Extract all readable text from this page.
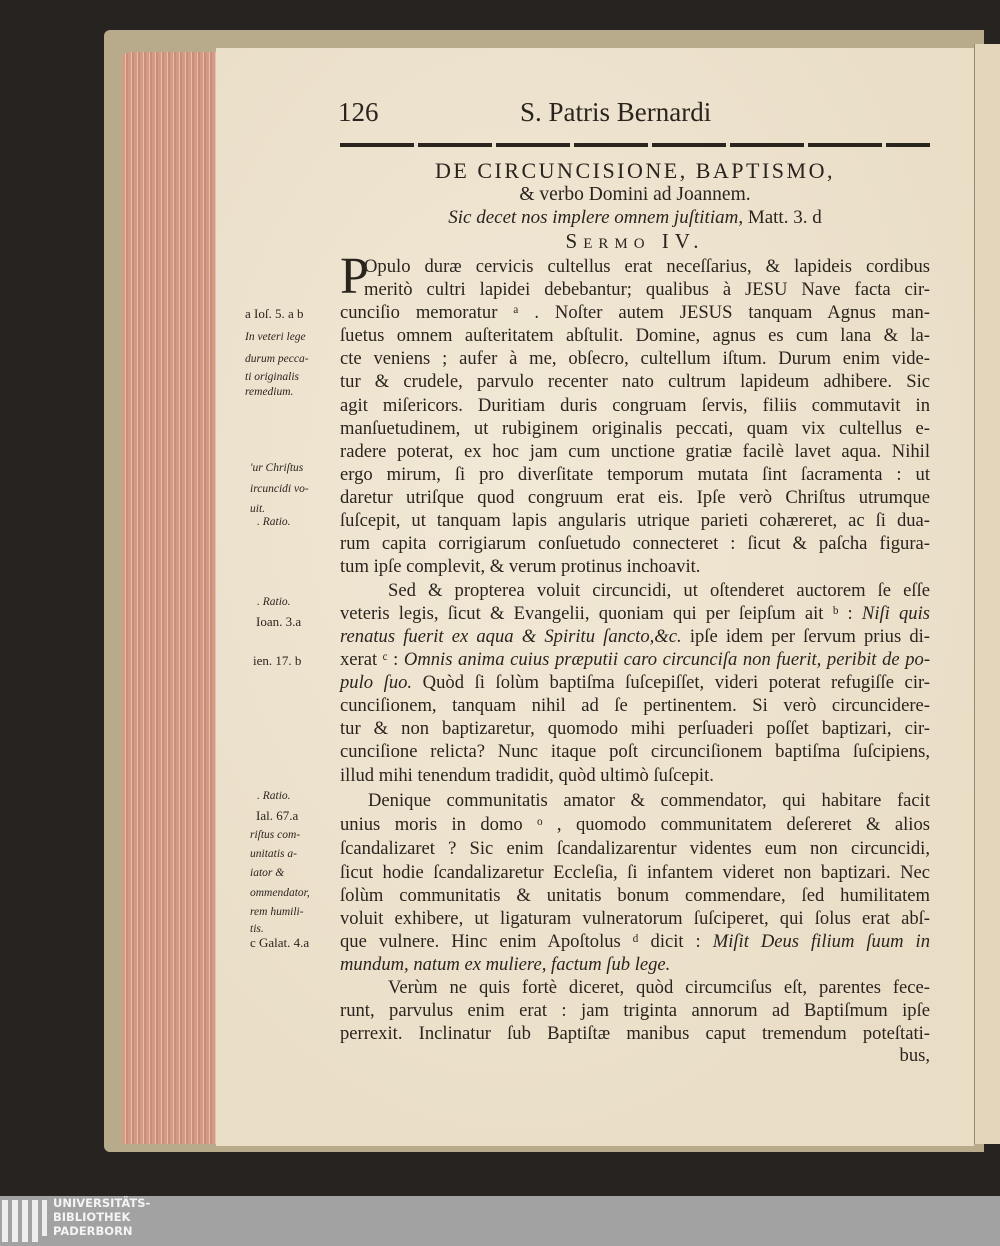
126	S. Patris Bernardi
DE CIRCUNCISIONE, BAPTISMO,
& verbo Domini ad Joannem.
Sic decet nos implere omnem juſtitiam, Matt. 3. d
Sermo IV.
P
Opulo duræ cervicis cultellus erat neceſſarius, & lapideis cordibus
meritò cultri lapidei debebantur; qualibus à JESU Nave facta cir-
cunciſio memoratur ᵃ . Noſter autem JESUS tanquam Agnus man-
ſuetus omnem auſteritatem abſtulit. Domine, agnus es cum lana & la-
cte veniens ; aufer à me, obſecro, cultellum iſtum. Durum enim vide-
tur & crudele, parvulo recenter nato cultrum lapideum adhibere. Sic
agit miſericors. Duritiam duris congruam ſervis, filiis commutavit in
manſuetudinem, ut rubiginem originalis peccati, quam vix cultellus e-
radere poterat, ex hoc jam cum unctione gratiæ facilè lavet aqua. Nihil
ergo mirum, ſi pro diverſitate temporum mutata ſint ſacramenta : ut
daretur utriſque quod congruum erat eis. Ipſe verò Chriſtus utrumque
ſuſcepit, ut tanquam lapis angularis utrique parieti cohæreret, ac ſi dua-
rum capita corrigiarum conſuetudo connecteret : ſicut & paſcha figura-
tum ipſe complevit, & verum protinus inchoavit.
Sed & propterea voluit circuncidi, ut oſtenderet auctorem ſe eſſe
veteris legis, ſicut & Evangelii, quoniam qui per ſeipſum ait ᵇ : Niſi quis
renatus fuerit ex aqua & Spiritu ſancto,&c. ipſe idem per ſervum prius di-
xerat ᶜ : Omnis anima cuius præputii caro circunciſa non fuerit, peribit de po-
pulo ſuo. Quòd ſi ſolùm baptiſma ſuſcepiſſet, videri poterat refugiſſe cir-
cunciſionem, tanquam nihil ad ſe pertinentem. Si verò circuncidere-
tur & non baptizaretur, quomodo mihi perſuaderi poſſet baptizari, cir-
cunciſione relicta? Nunc itaque poſt circunciſionem baptiſma ſuſcipiens,
illud mihi tenendum tradidit, quòd ultimò ſuſcepit.
Denique communitatis amator & commendator, qui habitare facit
unius moris in domo ᵒ , quomodo communitatem deſereret & alios
ſcandalizaret ? Sic enim ſcandalizarentur videntes eum non circuncidi,
ſicut hodie ſcandalizaretur Eccleſia, ſi infantem videret non baptizari. Nec
ſolùm communitatis & unitatis bonum commendare, ſed humilitatem
voluit exhibere, ut ligaturam vulneratorum ſuſciperet, qui ſolus erat abſ-
que vulnere. Hinc enim Apoſtolus ᵈ dicit : Miſit Deus filium ſuum in
mundum, natum ex muliere, factum ſub lege.
Verùm ne quis fortè diceret, quòd circumciſus eſt, parentes fece-
runt, parvulus enim erat : jam triginta annorum ad Baptiſmum ipſe
perrexit. Inclinatur ſub Baptiſtæ manibus caput tremendum poteſtati-
bus,
a Ioſ. 5. a b
In veteri lege
durum pecca-
ti originalis
remedium.
'ur Chriſtus
ircuncidi vo-
uit.
. Ratio.
. Ratio.
Ioan. 3.a
ien. 17. b
. Ratio.
Ial. 67.a
riſtus com-
unitatis a-
iator &
ommendator,
rem humili-
tis.
c Galat. 4.a
UNIVERSITÄTS-
BIBLIOTHEK
PADERBORN
